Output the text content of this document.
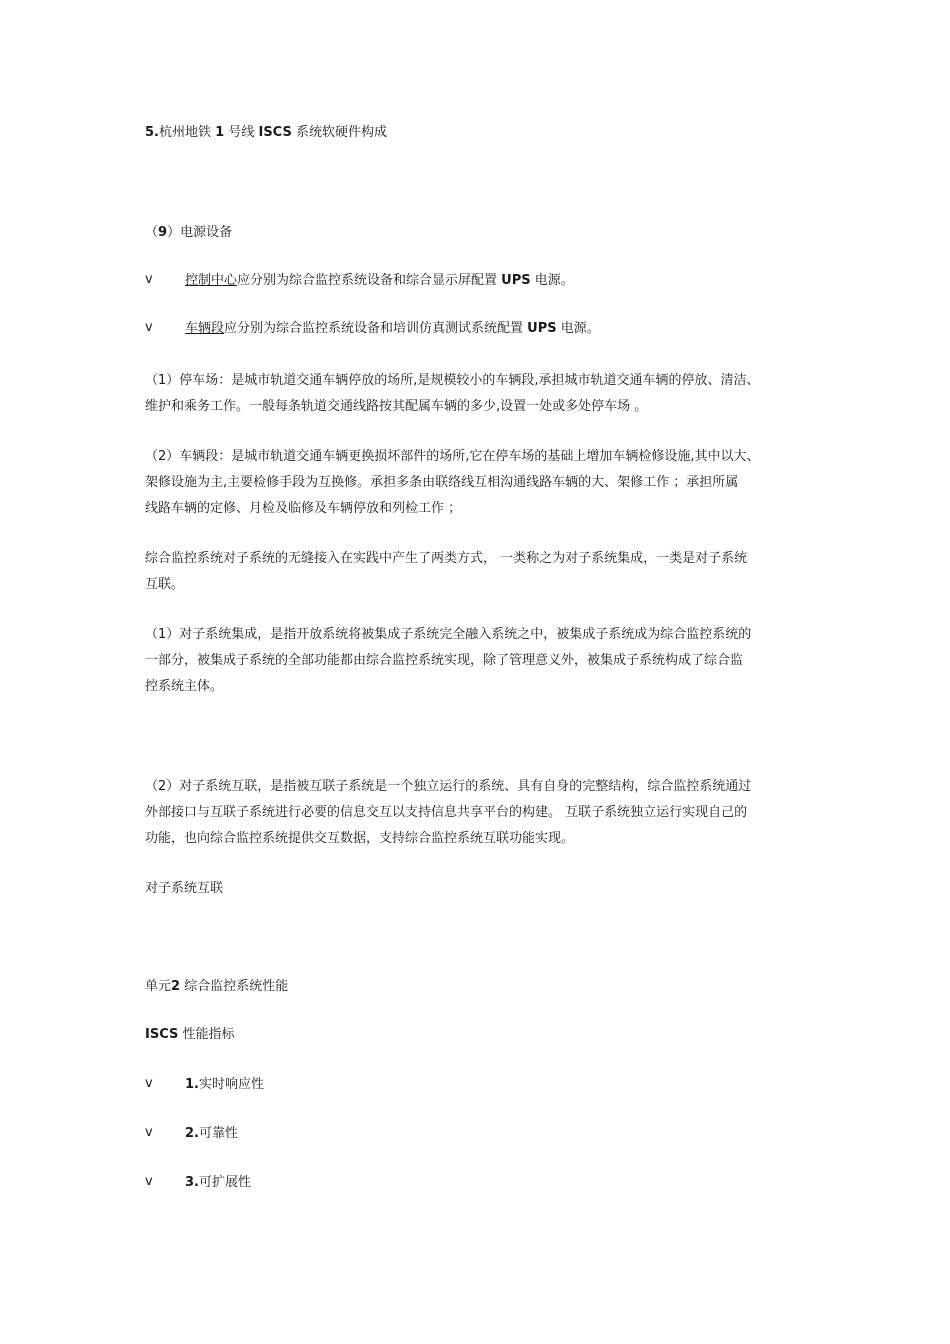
5.杭州地铁 1 号线 ISCS 系统软硬件构成
（9）电源设备
v 控制中心应分别为综合监控系统设备和综合显示屏配置 UPS 电源。
v 车辆段应分别为综合监控系统设备和培训仿真测试系统配置 UPS 电源。
（1）停车场：是城市轨道交通车辆停放的场所,是规模较小的车辆段,承担城市轨道交通车辆的停放、清洁、
维护和乘务工作。一般每条轨道交通线路按其配属车辆的多少,设置一处或多处停车场 。
（2）车辆段：是城市轨道交通车辆更换损坏部件的场所,它在停车场的基础上增加车辆检修设施,其中以大、
架修设施为主,主要检修手段为互换修。承担多条由联络线互相沟通线路车辆的大、架修工作 ；承担所属
线路车辆的定修、月检及临修及车辆停放和列检工作 ；
综合监控系统对子系统的无缝接入在实践中产生了两类方式， 一类称之为对子系统集成，一类是对子系统
互联。
（1）对子系统集成，是指开放系统将被集成子系统完全融入系统之中，被集成子系统成为综合监控系统的
一部分，被集成子系统的全部功能都由综合监控系统实现，除了管理意义外，被集成子系统构成了综合监
控系统主体。
（2）对子系统互联，是指被互联子系统是一个独立运行的系统、具有自身的完整结构，综合监控系统通过
外部接口与互联子系统进行必要的信息交互以支持信息共享平台的构建。 互联子系统独立运行实现自己的
功能，也向综合监控系统提供交互数据，支持综合监控系统互联功能实现。
对子系统互联
单元2 综合监控系统性能
ISCS 性能指标
v 1.实时响应性
v 2.可靠性
v 3.可扩展性
